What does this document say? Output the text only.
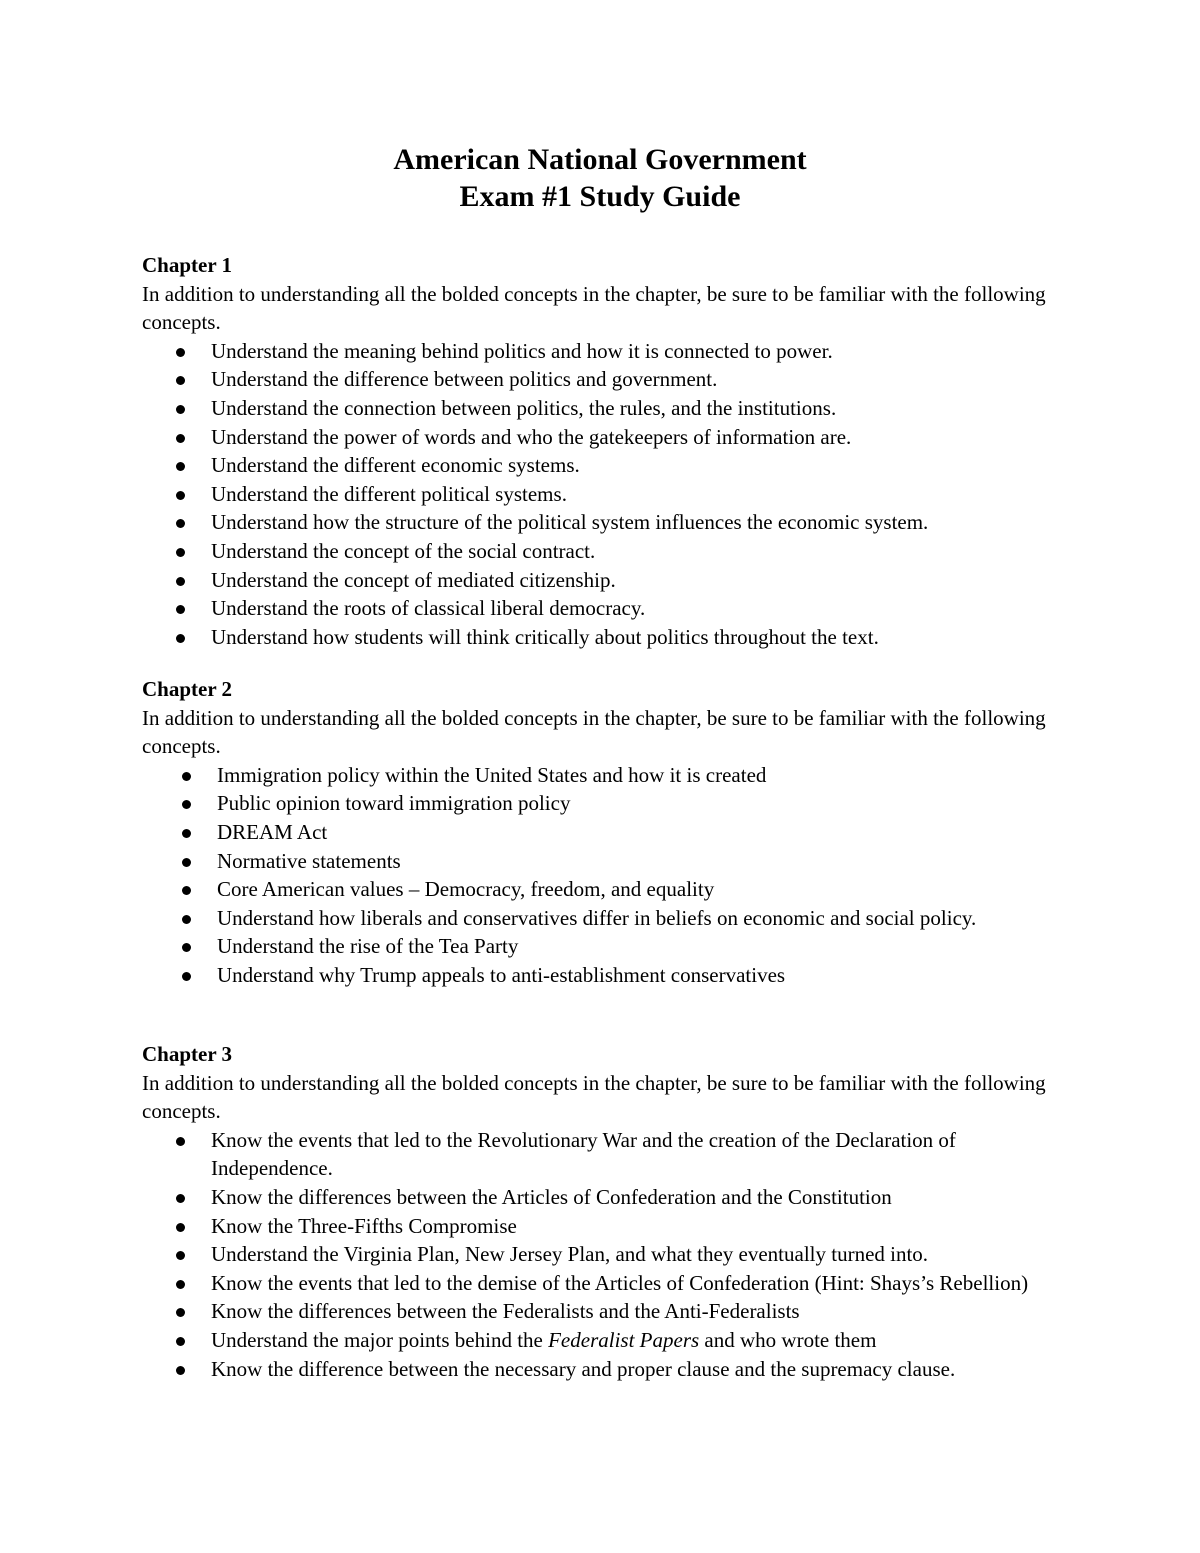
American National Government
Exam #1 Study Guide

Chapter 1

In addition to understanding all the bolded concepts in the chapter, be sure to be familiar with the following concepts.

Understand the meaning behind politics and how it is connected to power.
Understand the difference between politics and government.
Understand the connection between politics, the rules, and the institutions.
Understand the power of words and who the gatekeepers of information are.
Understand the different economic systems.
Understand the different political systems.
Understand how the structure of the political system influences the economic system.
Understand the concept of the social contract.
Understand the concept of mediated citizenship.
Understand the roots of classical liberal democracy.
Understand how students will think critically about politics throughout the text.

Chapter 2

In addition to understanding all the bolded concepts in the chapter, be sure to be familiar with the following concepts.

Immigration policy within the United States and how it is created
Public opinion toward immigration policy
DREAM Act
Normative statements
Core American values – Democracy, freedom, and equality
Understand how liberals and conservatives differ in beliefs on economic and social policy.
Understand the rise of the Tea Party
Understand why Trump appeals to anti-establishment conservatives

Chapter 3

In addition to understanding all the bolded concepts in the chapter, be sure to be familiar with the following concepts.

Know the events that led to the Revolutionary War and the creation of the Declaration of Independence.
Know the differences between the Articles of Confederation and the Constitution
Know the Three-Fifths Compromise
Understand the Virginia Plan, New Jersey Plan, and what they eventually turned into.
Know the events that led to the demise of the Articles of Confederation (Hint: Shays’s Rebellion)
Know the differences between the Federalists and the Anti-Federalists
Understand the major points behind the Federalist Papers and who wrote them
Know the difference between the necessary and proper clause and the supremacy clause.
